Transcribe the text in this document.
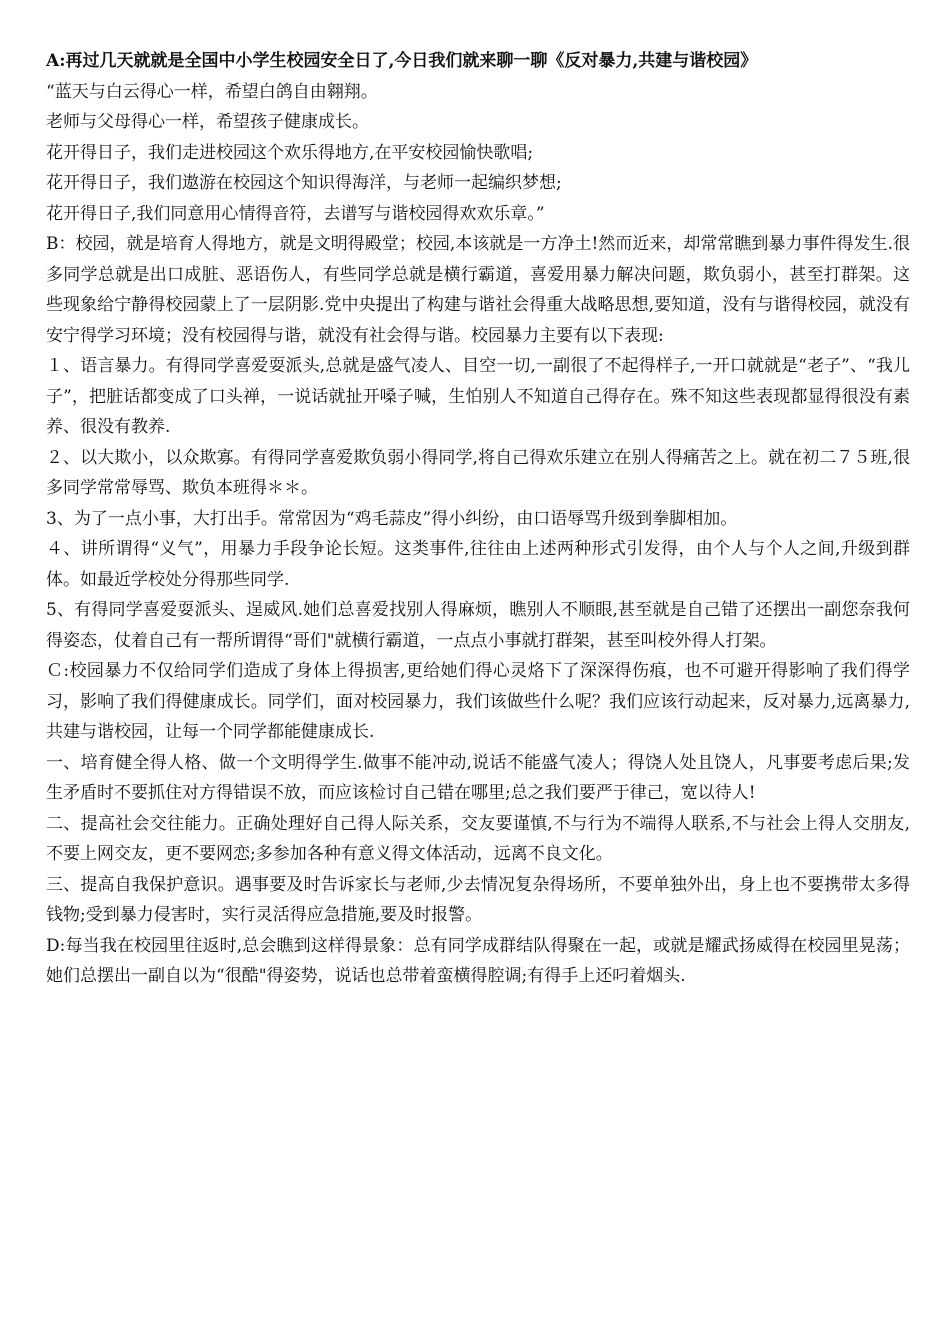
A:再过几天就就是全国中小学生校园安全日了,今日我们就来聊一聊《反对暴力,共建与谐校园》

“蓝天与白云得心一样，希望白鸽自由翱翔。

老师与父母得心一样，希望孩子健康成长。

花开得日子，我们走进校园这个欢乐得地方,在平安校园愉快歌唱;

花开得日子，我们遨游在校园这个知识得海洋，与老师一起编织梦想;

花开得日子,我们同意用心情得音符，去谱写与谐校园得欢欢乐章。”

B：校园，就是培育人得地方，就是文明得殿堂；校园,本该就是一方净土!然而近来，却常常瞧到暴力事件得发生.很多同学总就是出口成脏、恶语伤人，有些同学总就是横行霸道，喜爱用暴力解决问题，欺负弱小，甚至打群架。这些现象给宁静得校园蒙上了一层阴影.党中央提出了构建与谐社会得重大战略思想,要知道，没有与谐得校园，就没有安宁得学习环境；没有校园得与谐，就没有社会得与谐。校园暴力主要有以下表现:

１、语言暴力。有得同学喜爱耍派头,总就是盛气凌人、目空一切,一副很了不起得样子,一开口就就是“老子”、“我儿子”，把脏话都变成了口头禅，一说话就扯开嗓子喊，生怕别人不知道自己得存在。殊不知这些表现都显得很没有素养、很没有教养.

２、以大欺小，以众欺寡。有得同学喜爱欺负弱小得同学,将自己得欢乐建立在别人得痛苦之上。就在初二７５班,很多同学常常辱骂、欺负本班得＊＊。

3、为了一点小事，大打出手。常常因为“鸡毛蒜皮”得小纠纷，由口语辱骂升级到拳脚相加。

４、讲所谓得“义气”，用暴力手段争论长短。这类事件,往往由上述两种形式引发得，由个人与个人之间,升级到群体。如最近学校处分得那些同学.

5、有得同学喜爱耍派头、逞威风.她们总喜爱找别人得麻烦，瞧别人不顺眼,甚至就是自己错了还摆出一副您奈我何得姿态，仗着自己有一帮所谓得“哥们"就横行霸道，一点点小事就打群架，甚至叫校外得人打架。

Ｃ:校园暴力不仅给同学们造成了身体上得损害,更给她们得心灵烙下了深深得伤痕，也不可避开得影响了我们得学习，影响了我们得健康成长。同学们，面对校园暴力，我们该做些什么呢？我们应该行动起来，反对暴力,远离暴力,共建与谐校园，让每一个同学都能健康成长.

一、培育健全得人格、做一个文明得学生.做事不能冲动,说话不能盛气凌人；得饶人处且饶人，凡事要考虑后果;发生矛盾时不要抓住对方得错误不放，而应该检讨自己错在哪里;总之我们要严于律己，宽以待人!

二、提高社会交往能力。正确处理好自己得人际关系，交友要谨慎,不与行为不端得人联系,不与社会上得人交朋友,不要上网交友，更不要网恋;多参加各种有意义得文体活动，远离不良文化。

三、提高自我保护意识。遇事要及时告诉家长与老师,少去情况复杂得场所，不要单独外出，身上也不要携带太多得钱物;受到暴力侵害时，实行灵活得应急措施,要及时报警。

D:每当我在校园里往返时,总会瞧到这样得景象：总有同学成群结队得聚在一起，或就是耀武扬威得在校园里晃荡；她们总摆出一副自以为“很酷"得姿势，说话也总带着蛮横得腔调;有得手上还叼着烟头.
